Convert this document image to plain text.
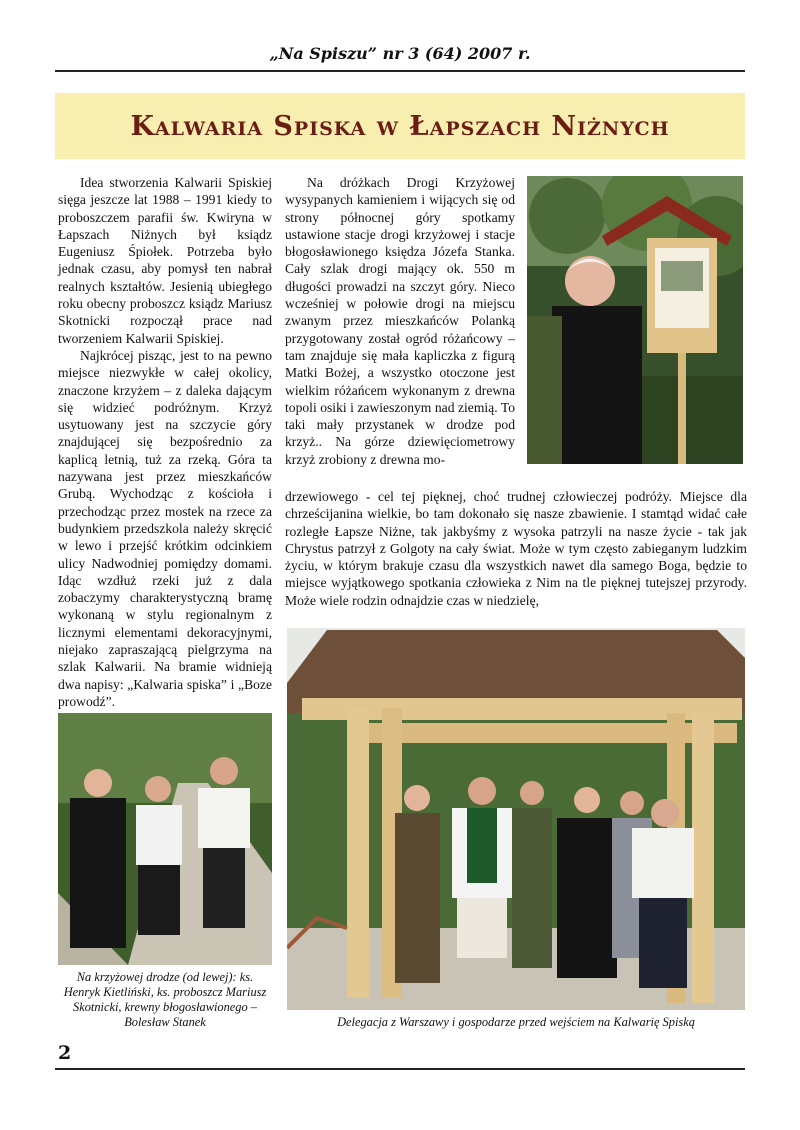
„Na Spiszu” nr 3 (64) 2007 r.
Kalwaria Spiska w Łapszach Niżnych

Idea stworzenia Kalwarii Spiskiej sięga jeszcze lat 1988 – 1991 kiedy to proboszczem parafii św. Kwiryna w Łapszach Niżnych był ksiądz Eugeniusz Śpiołek. Potrzeba było jednak czasu, aby pomysł ten nabrał realnych kształtów. Jesienią ubiegłego roku obecny proboszcz ksiądz Mariusz Skotnicki rozpoczął prace nad tworzeniem Kalwarii Spiskiej.

Najkrócej pisząc, jest to na pewno miejsce niezwykłe w całej okolicy, znaczone krzyżem – z daleka dającym się widzieć podróżnym. Krzyż usytuowany jest na szczycie góry znajdującej się bezpośrednio za kaplicą letnią, tuż za rzeką. Góra ta nazywana jest przez mieszkańców Grubą. Wychodząc z kościoła i przechodząc przez mostek na rzece za budynkiem przedszkola należy skręcić w lewo i przejść krótkim odcinkiem ulicy Nadwodniej pomiędzy domami. Idąc wzdłuż rzeki już z dala zobaczymy charakterystyczną bramę wykonaną w stylu regionalnym z licznymi elementami dekoracyjnymi, niejako zapraszającą pielgrzyma na szlak Kalwarii. Na bramie widnieją dwa napisy: „Kalwaria spiska” i „Boze prowodź”.

Na dróżkach Drogi Krzyżowej wysypanych kamieniem i wijących się od strony północnej góry spotkamy ustawione stacje drogi krzyżowej i stacje błogosławionego księdza Józefa Stanka. Cały szlak drogi mający ok. 550 m długości prowadzi na szczyt góry. Nieco wcześniej w połowie drogi na miejscu zwanym przez mieszkańców Polanką przygotowany został ogród różańcowy – tam znajduje się mała kapliczka z figurą Matki Bożej, a wszystko otoczone jest wielkim różańcem wykonanym z drewna topoli osiki i zawieszonym nad ziemią. To taki mały przystanek w drodze pod krzyż.. Na górze dziewięciometrowy krzyż zrobiony z drewna mo-

drzewiowego - cel tej pięknej, choć trudnej człowieczej podróży. Miejsce dla chrześcijanina wielkie, bo tam dokonało się nasze zbawienie. I stamtąd widać całe rozległe Łapsze Niżne, tak jakbyśmy z wysoka patrzyli na nasze życie - tak jak Chrystus patrzył z Golgoty na cały świat. Może w tym często zabieganym ludzkim życiu, w którym brakuje czasu dla wszystkich nawet dla samego Boga, będzie to miejsce wyjątkowego spotkania człowieka z Nim na tle pięknej tutejszej przyrody. Może wiele rodzin odnajdzie czas w niedzielę,

Na krzyżowej drodze (od lewej): ks. Henryk Kietliński, ks. proboszcz Mariusz Skotnicki, krewny błogosławionego – Bolesław Stanek	Delegacja z Warszawy i gospodarze przed wejściem na Kalwarię Spiską
2
